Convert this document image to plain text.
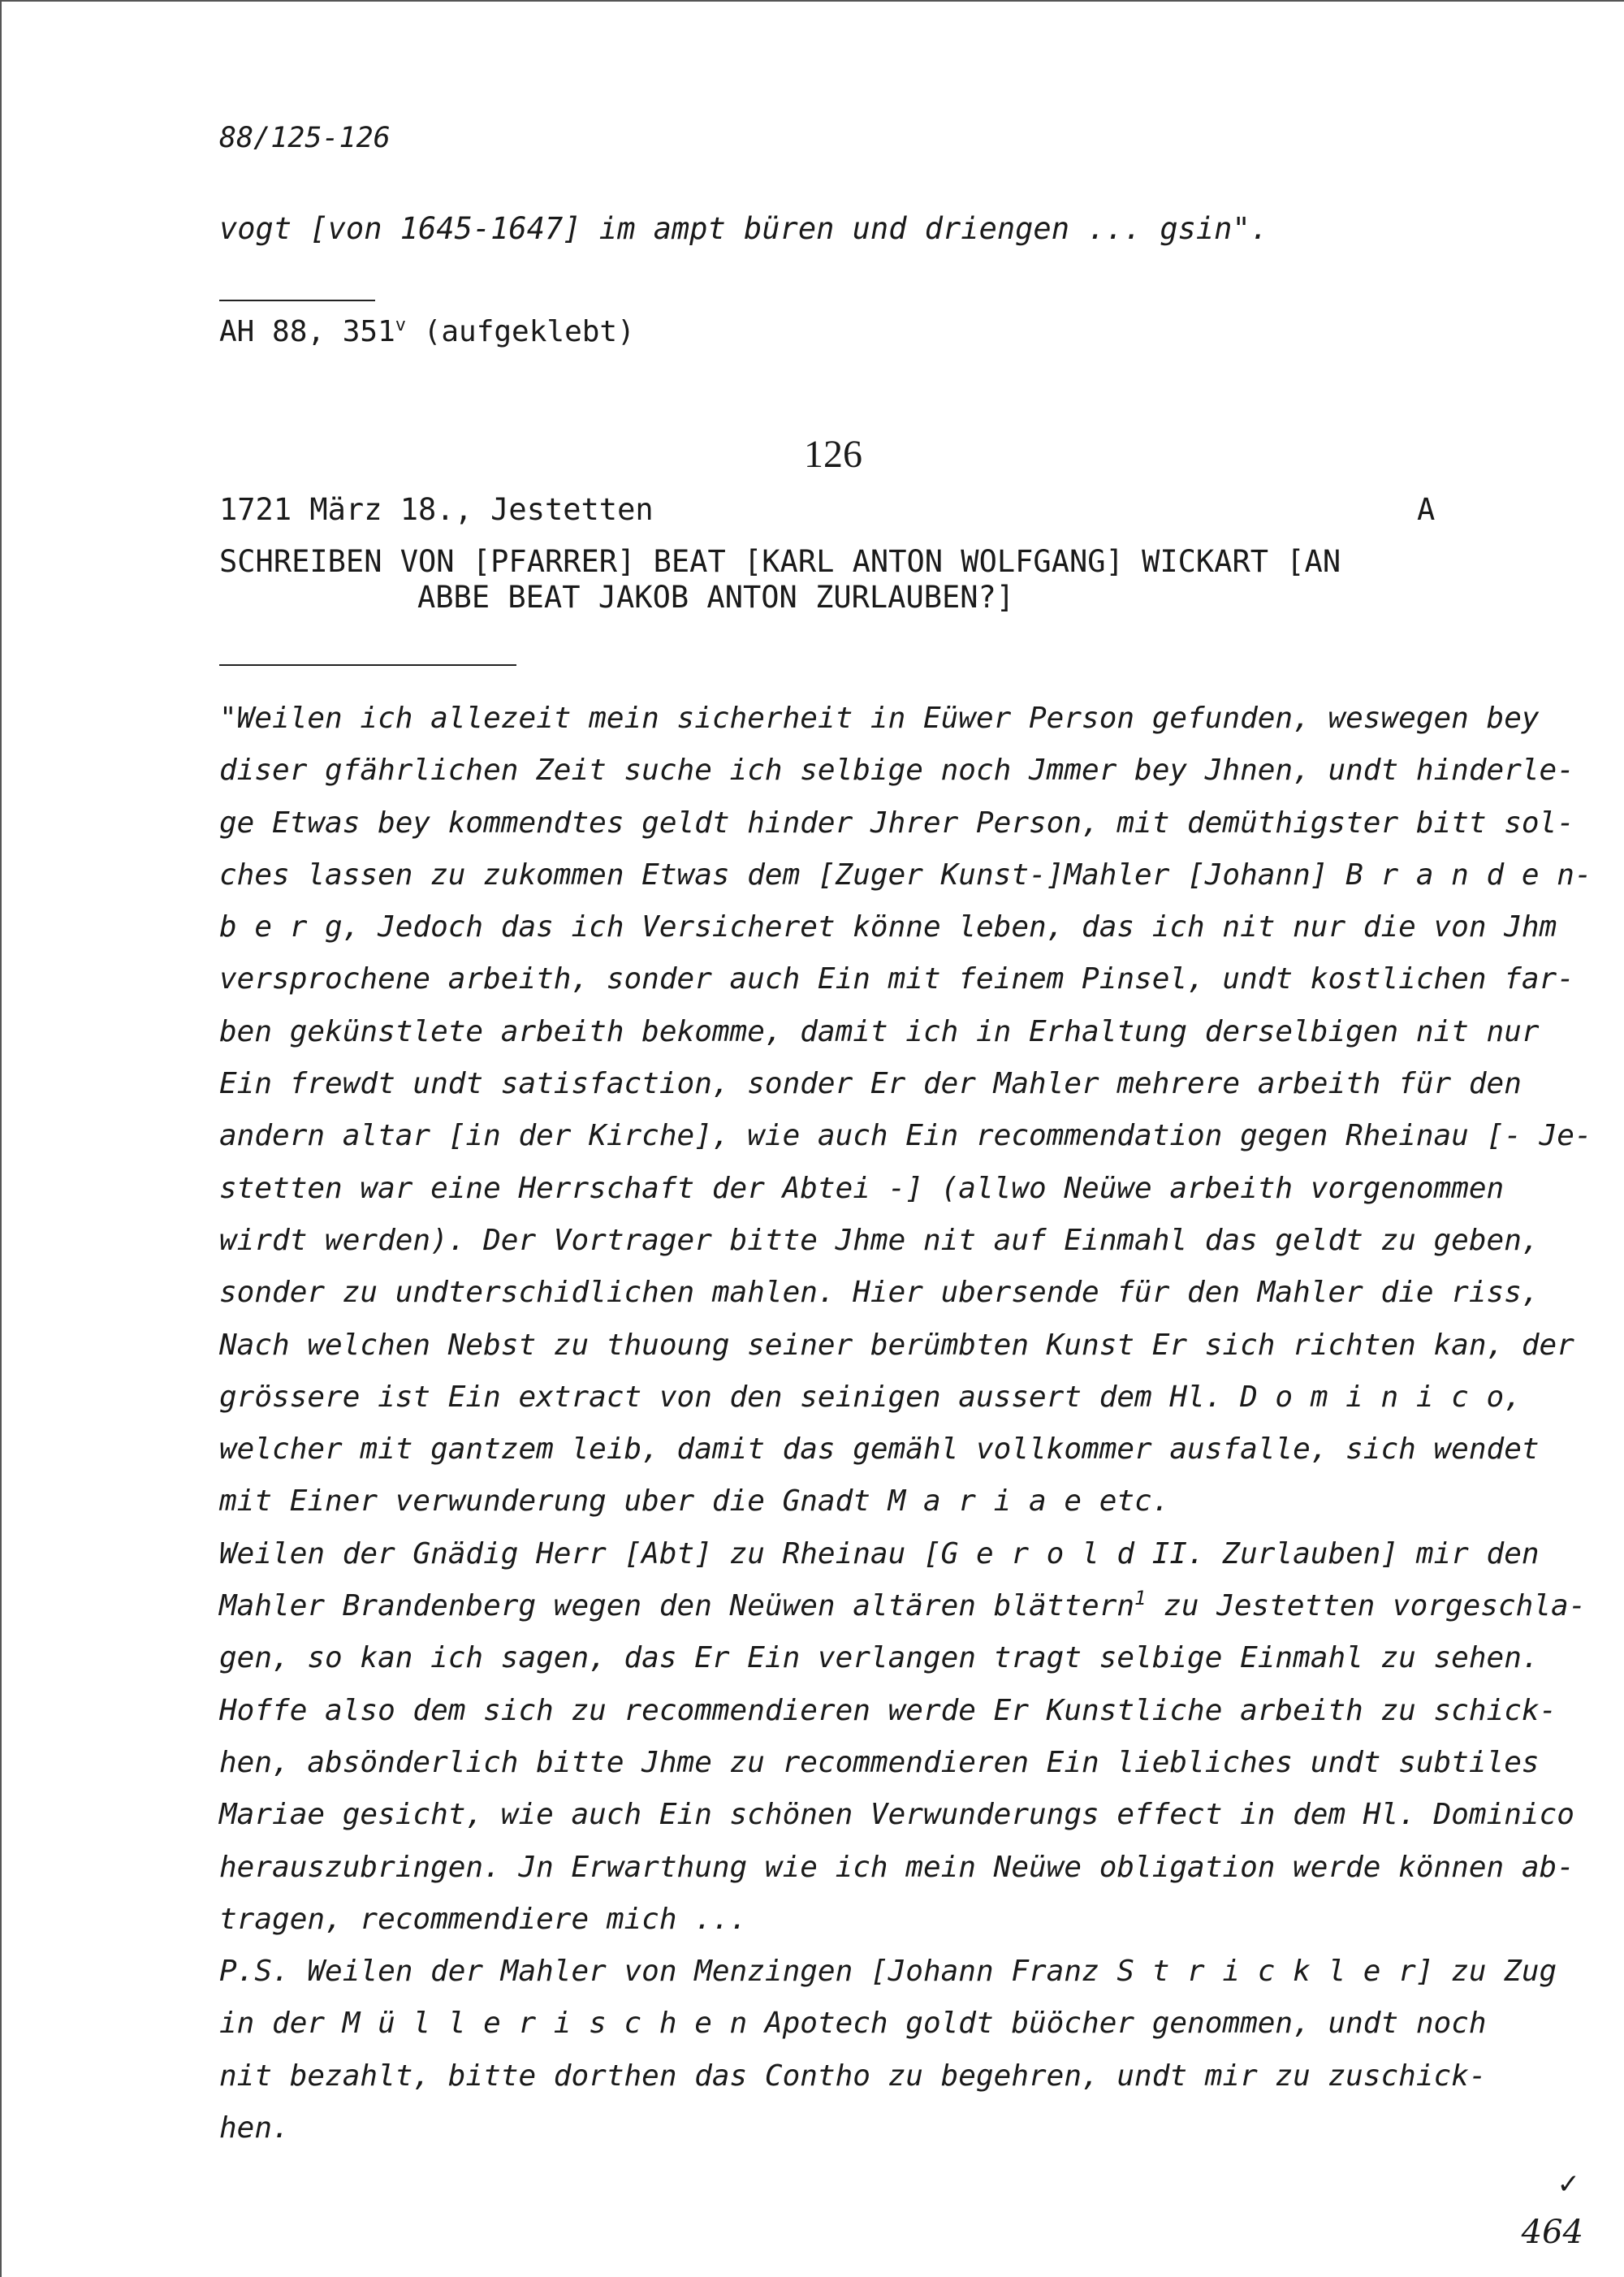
88/125-126
vogt [von 1645-1647] im ampt büren und driengen ... gsin".
AH 88, 351$^v$ (aufgeklebt)
126
1721 März 18., Jestetten	A
SCHREIBEN VON [PFARRER] BEAT [KARL ANTON WOLFGANG] WICKART [AN
ABBE BEAT JAKOB ANTON ZURLAUBEN?]
"Weilen ich allezeit mein sicherheit in Eüwer Person gefunden, weswegen bey
diser gfährlichen Zeit suche ich selbige noch Jmmer bey Jhnen, undt hinderle-
ge Etwas bey kommendtes geldt hinder Jhrer Person, mit demüthigster bitt sol-
ches lassen zu zukommen Etwas dem [Zuger Kunst-]Mahler [Johann] B r a n d e n-
b e r g, Jedoch das ich Versicheret könne leben, das ich nit nur die von Jhm
versprochene arbeith, sonder auch Ein mit feinem Pinsel, undt kostlichen far-
ben gekünstlete arbeith bekomme, damit ich in Erhaltung derselbigen nit nur
Ein frewdt undt satisfaction, sonder Er der Mahler mehrere arbeith für den
andern altar [in der Kirche], wie auch Ein recommendation gegen Rheinau [- Je-
stetten war eine Herrschaft der Abtei -] (allwo Neüwe arbeith vorgenommen
wirdt werden). Der Vortrager bitte Jhme nit auf Einmahl das geldt zu geben,
sonder zu undterschidlichen mahlen. Hier ubersende für den Mahler die riss,
Nach welchen Nebst zu thuoung seiner berümbten Kunst Er sich richten kan, der
grössere ist Ein extract von den seinigen aussert dem Hl. D o m i n i c o,
welcher mit gantzem leib, damit das gemähl vollkommer ausfalle, sich wendet
mit Einer verwunderung uber die Gnadt M a r i a e etc.
Weilen der Gnädig Herr [Abt] zu Rheinau [G e r o l d II. Zurlauben] mir den
Mahler Brandenberg wegen den Neüwen altären blättern$^1$ zu Jestetten vorgeschla-
gen, so kan ich sagen, das Er Ein verlangen tragt selbige Einmahl zu sehen.
Hoffe also dem sich zu recommendieren werde Er Kunstliche arbeith zu schick-
hen, absönderlich bitte Jhme zu recommendieren Ein liebliches undt subtiles
Mariae gesicht, wie auch Ein schönen Verwunderungs effect in dem Hl. Dominico
herauszubringen. Jn Erwarthung wie ich mein Neüwe obligation werde können ab-
tragen, recommendiere mich ...
P.S. Weilen der Mahler von Menzingen [Johann Franz S t r i c k l e r] zu Zug
in der M ü l l e r i s c h e n Apotech goldt büöcher genommen, undt noch
nit bezahlt, bitte dorthen das Contho zu begehren, undt mir zu zuschick-
hen.
✓
464
